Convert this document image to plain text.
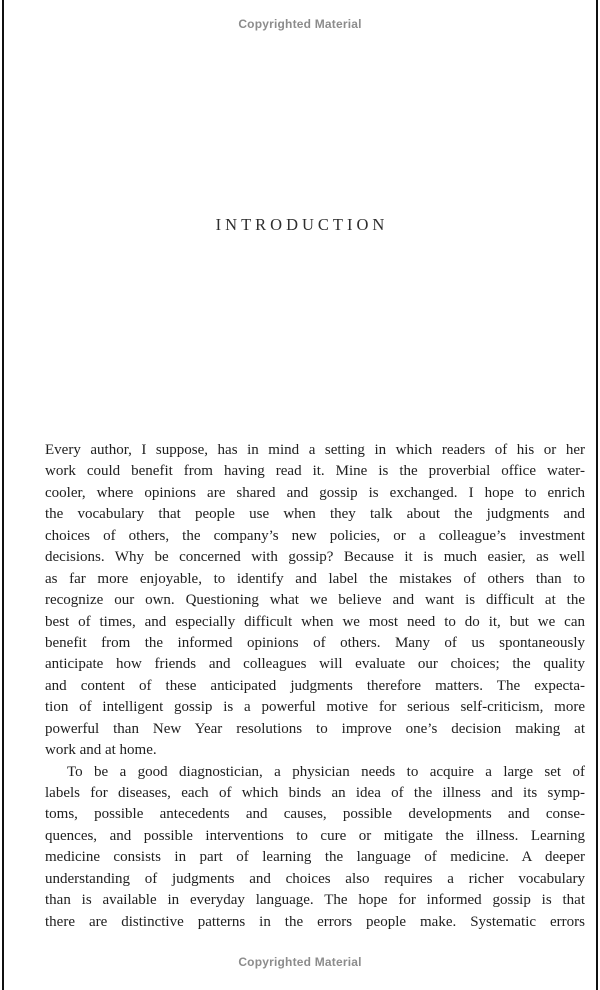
Copyrighted Material
INTRODUCTION
Every author, I suppose, has in mind a setting in which readers of his or her
work could benefit from having read it. Mine is the proverbial office water-
cooler, where opinions are shared and gossip is exchanged. I hope to enrich
the vocabulary that people use when they talk about the judgments and
choices of others, the company’s new policies, or a colleague’s investment
decisions. Why be concerned with gossip? Because it is much easier, as well
as far more enjoyable, to identify and label the mistakes of others than to
recognize our own. Questioning what we believe and want is difficult at the
best of times, and especially difficult when we most need to do it, but we can
benefit from the informed opinions of others. Many of us spontaneously
anticipate how friends and colleagues will evaluate our choices; the quality
and content of these anticipated judgments therefore matters. The expecta-
tion of intelligent gossip is a powerful motive for serious self-criticism, more
powerful than New Year resolutions to improve one’s decision making at
work and at home.
To be a good diagnostician, a physician needs to acquire a large set of
labels for diseases, each of which binds an idea of the illness and its symp-
toms, possible antecedents and causes, possible developments and conse-
quences, and possible interventions to cure or mitigate the illness. Learning
medicine consists in part of learning the language of medicine. A deeper
understanding of judgments and choices also requires a richer vocabulary
than is available in everyday language. The hope for informed gossip is that
there are distinctive patterns in the errors people make. Systematic errors
Copyrighted Material
